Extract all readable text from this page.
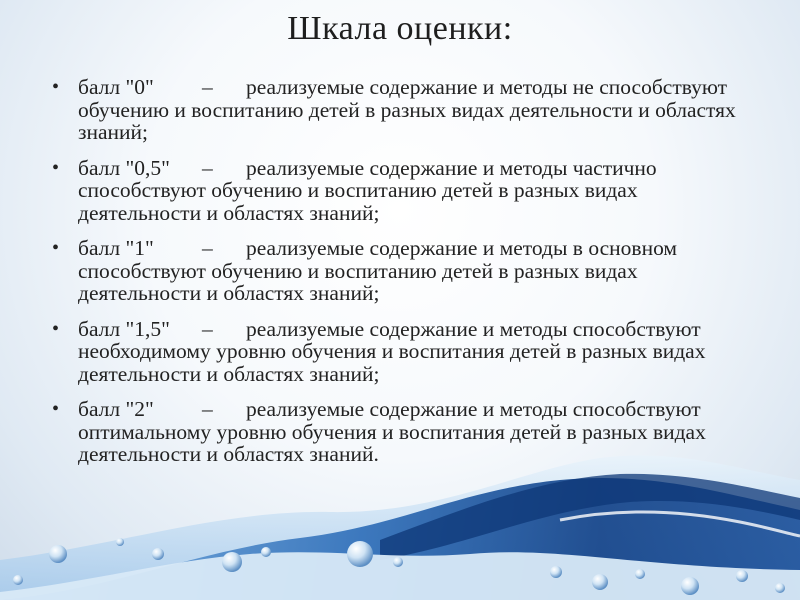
Шкала оценки:
• балл "0" – реализуемые содержание и методы не способствуют обучению и воспитанию детей в разных видах деятельности и областях знаний;
• балл "0,5" – реализуемые содержание и методы частично способствуют обучению и воспитанию детей в разных видах деятельности и областях знаний;
• балл "1" – реализуемые содержание и методы в основном способствуют обучению и воспитанию детей в разных видах деятельности и областях знаний;
• балл "1,5" – реализуемые содержание и методы способствуют необходимому уровню обучения и воспитания детей в разных видах деятельности и областях знаний;
• балл "2" – реализуемые содержание и методы способствуют оптимальному уровню обучения и воспитания детей в разных видах деятельности и областях знаний.
